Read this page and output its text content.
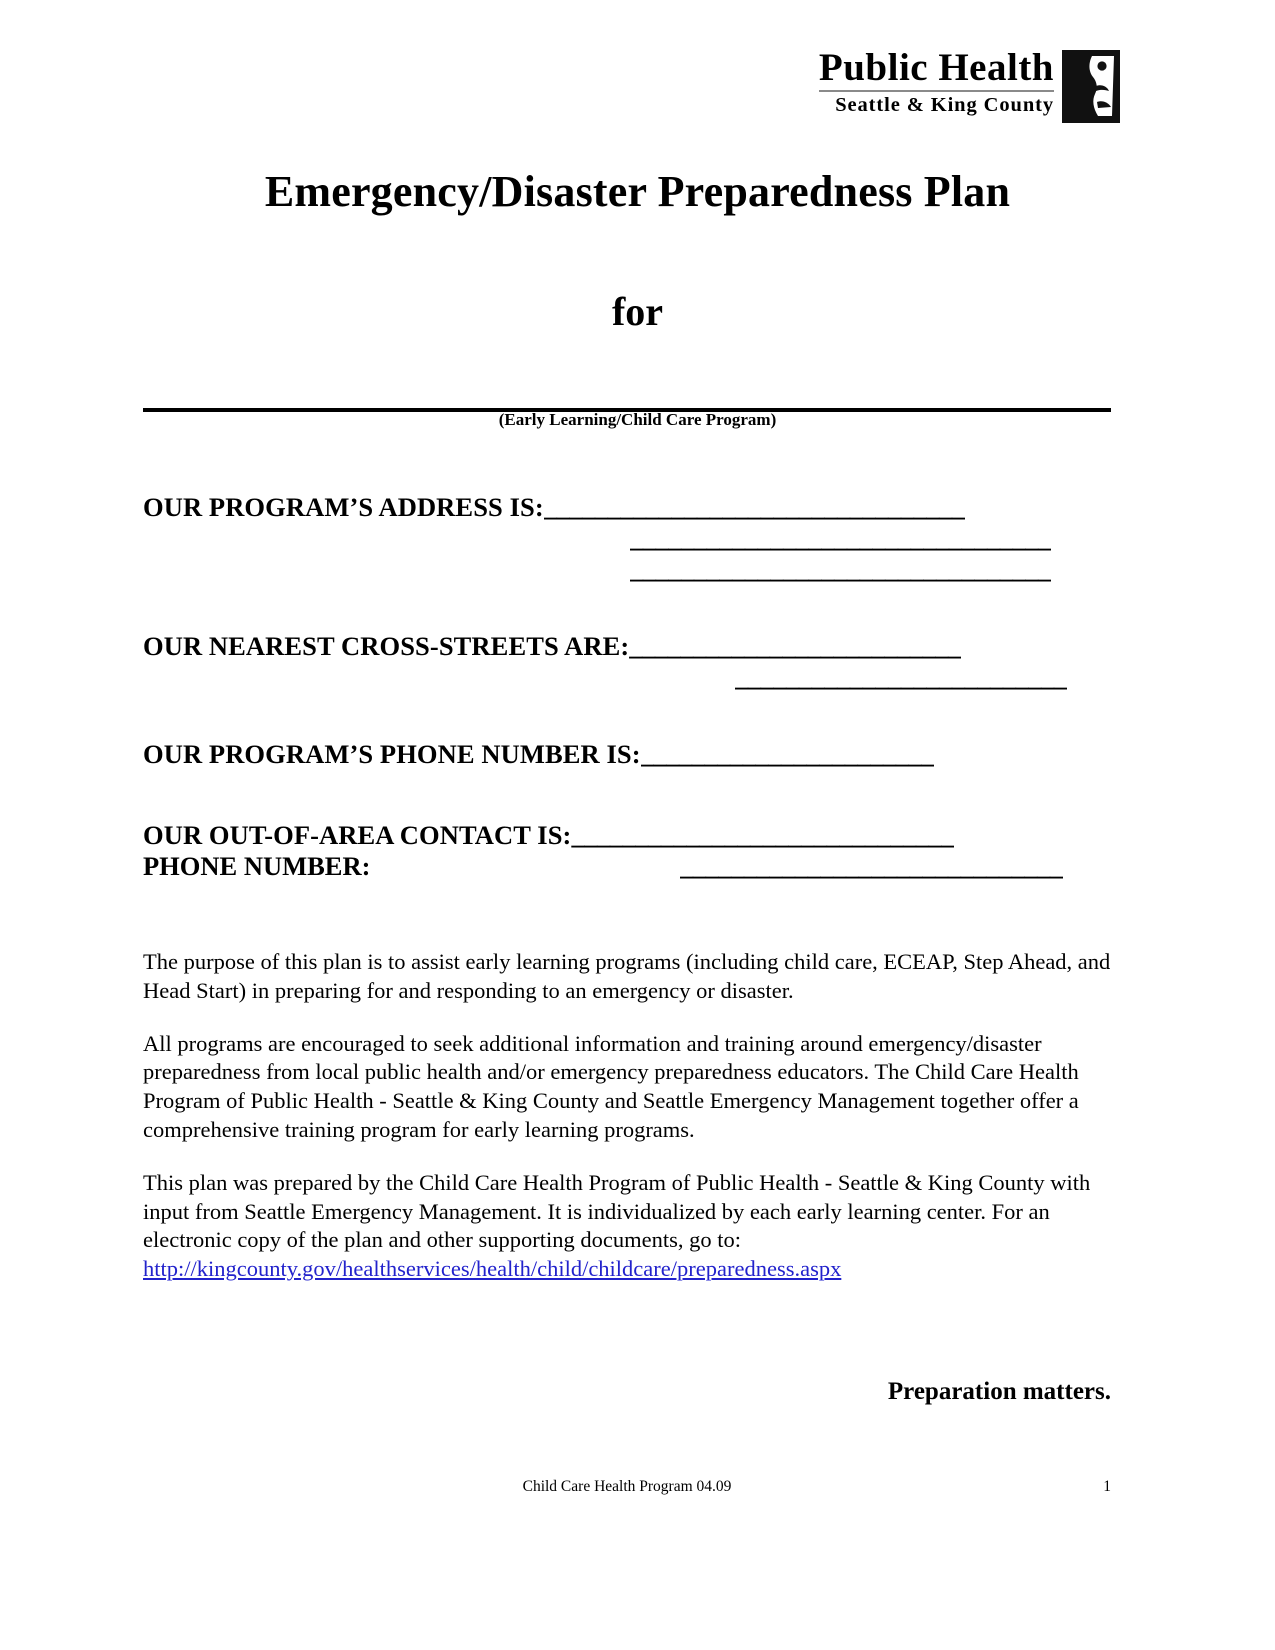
Public Health
Seattle & King County
Emergency/Disaster Preparedness Plan
for
(Early Learning/Child Care Program)
OUR PROGRAM’S ADDRESS IS: _________________________________
_________________________________
_________________________________
OUR NEAREST CROSS-STREETS ARE: __________________________
__________________________
OUR PROGRAM’S PHONE NUMBER IS: _______________________
OUR OUT-OF-AREA CONTACT IS: ______________________________
PHONE NUMBER:	______________________________

The purpose of this plan is to assist early learning programs (including child care, ECEAP, Step Ahead, and Head Start) in preparing for and responding to an emergency or disaster.

All programs are encouraged to seek additional information and training around emergency/disaster preparedness from local public health and/or emergency preparedness educators. The Child Care Health Program of Public Health - Seattle & King County and Seattle Emergency Management together offer a comprehensive training program for early learning programs.

This plan was prepared by the Child Care Health Program of Public Health - Seattle & King County with input from Seattle Emergency Management. It is individualized by each early learning center. For an electronic copy of the plan and other supporting documents, go to:
http://kingcounty.gov/healthservices/health/child/childcare/preparedness.aspx

Preparation matters.
Child Care Health Program 04.09	1
